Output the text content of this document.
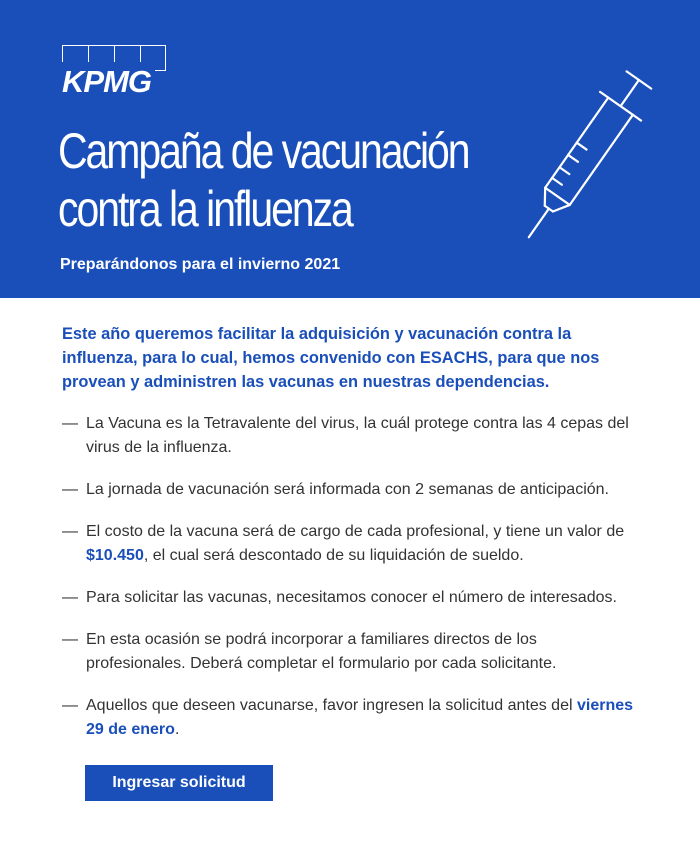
KPMG
Campaña de vacunación
contra la influenza
Preparándonos para el invierno 2021

Este año queremos facilitar la adquisición y vacunación contra la influenza, para lo cual, hemos convenido con ESACHS, para que nos provean y administren las vacunas en nuestras dependencias.

— La Vacuna es la Tetravalente del virus, la cuál protege contra las 4 cepas del virus de la influenza.
— La jornada de vacunación será informada con 2 semanas de anticipación.
— El costo de la vacuna será de cargo de cada profesional, y tiene un valor de $10.450, el cual será descontado de su liquidación de sueldo.
— Para solicitar las vacunas, necesitamos conocer el número de interesados.
— En esta ocasión se podrá incorporar a familiares directos de los profesionales. Deberá completar el formulario por cada solicitante.
— Aquellos que deseen vacunarse, favor ingresen la solicitud antes del viernes 29 de enero.
Ingresar solicitud
